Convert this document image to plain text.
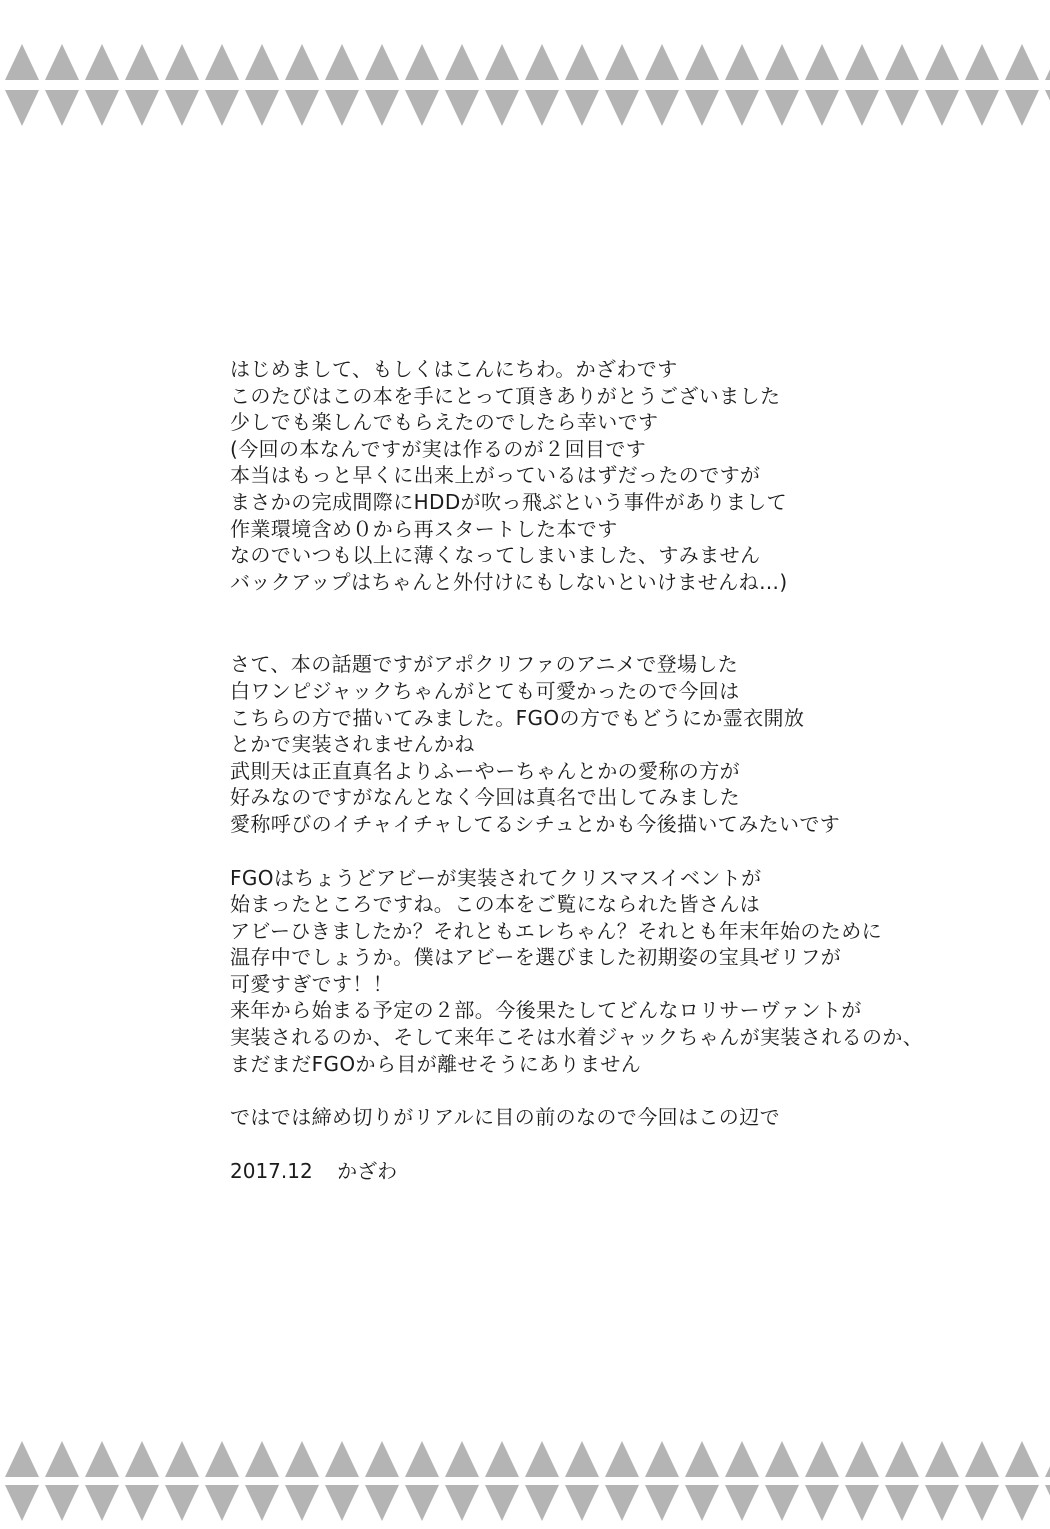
はじめまして、もしくはこんにちわ。かざわです
このたびはこの本を手にとって頂きありがとうございました
少しでも楽しんでもらえたのでしたら幸いです
(今回の本なんですが実は作るのが２回目です
本当はもっと早くに出来上がっているはずだったのですが
まさかの完成間際にHDDが吹っ飛ぶという事件がありまして
作業環境含め０から再スタートした本です
なのでいつも以上に薄くなってしまいました、すみません
バックアップはちゃんと外付けにもしないといけませんね…)

さて、本の話題ですがアポクリファのアニメで登場した
白ワンピジャックちゃんがとても可愛かったので今回は
こちらの方で描いてみました。FGOの方でもどうにか霊衣開放
とかで実装されませんかね
武則天は正直真名よりふーやーちゃんとかの愛称の方が
好みなのですがなんとなく今回は真名で出してみました
愛称呼びのイチャイチャしてるシチュとかも今後描いてみたいです

FGOはちょうどアビーが実装されてクリスマスイベントが
始まったところですね。この本をご覧になられた皆さんは
アビーひきましたか？それともエレちゃん？それとも年末年始のために
温存中でしょうか。僕はアビーを選びました初期姿の宝具ゼリフが
可愛すぎです！！
来年から始まる予定の２部。今後果たしてどんなロリサーヴァントが
実装されるのか、そして来年こそは水着ジャックちゃんが実装されるのか、
まだまだFGOから目が離せそうにありません

ではでは締め切りがリアルに目の前のなので今回はこの辺で

2017.12 かざわ
